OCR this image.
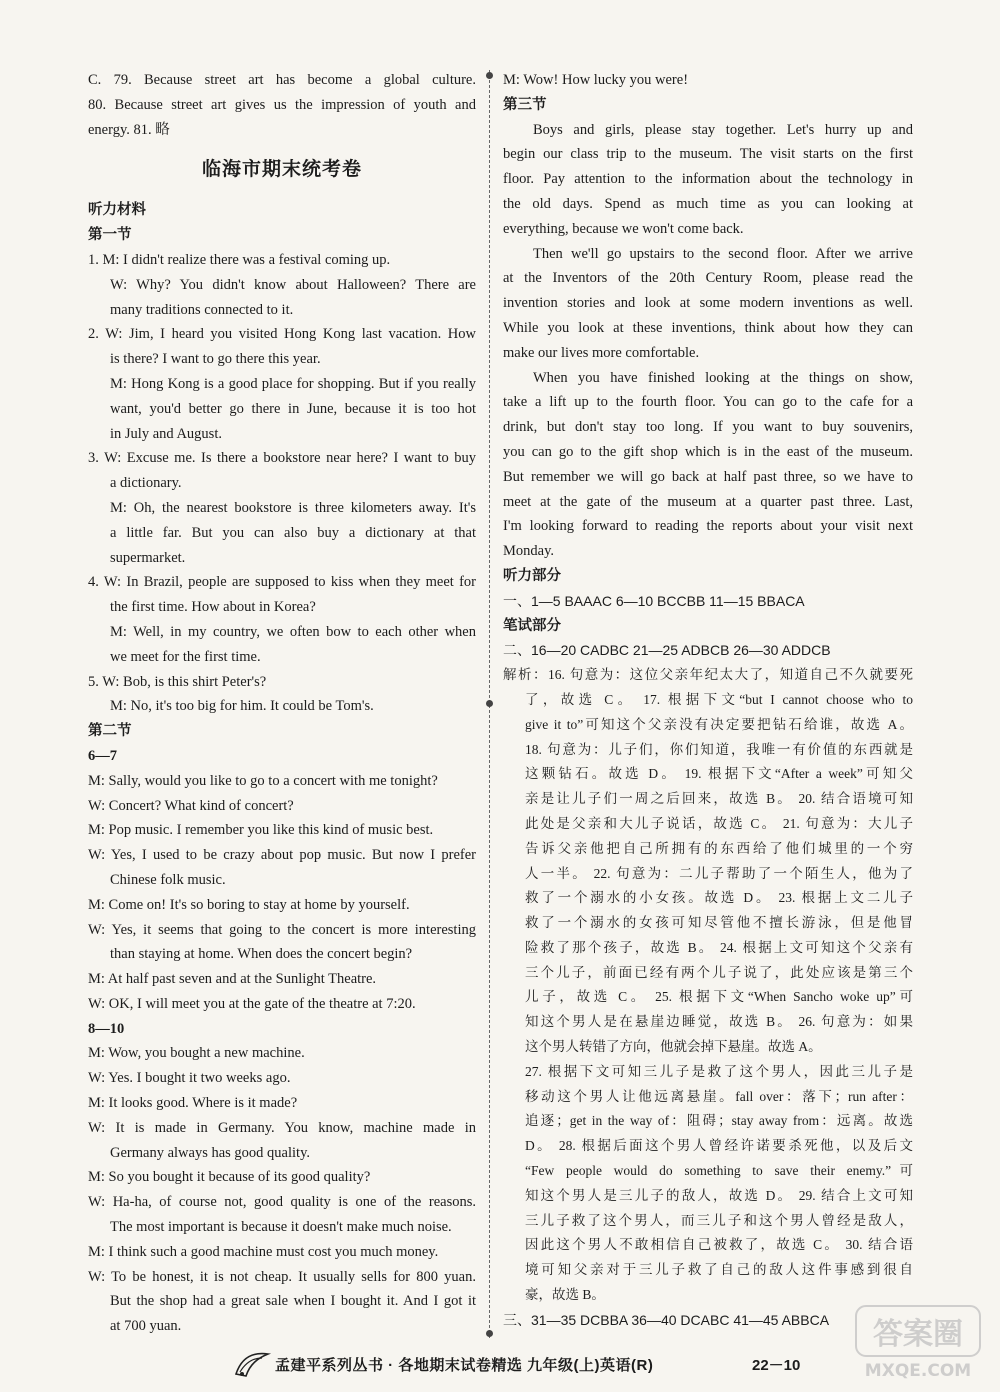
C. 79. Because street art has become a global culture.
80. Because street art gives us the impression of youth and
energy. 81. 略
临海市期末统考卷
听力材料
第一节
1. M: I didn't realize there was a festival coming up.
W: Why? You didn't know about Halloween? There are
many traditions connected to it.
2. W: Jim, I heard you visited Hong Kong last vacation. How
is there? I want to go there this year.
M: Hong Kong is a good place for shopping. But if you really
want, you'd better go there in June, because it is too hot
in July and August.
3. W: Excuse me. Is there a bookstore near here? I want to buy
a dictionary.
M: Oh, the nearest bookstore is three kilometers away. It's
a little far. But you can also buy a dictionary at that
supermarket.
4. W: In Brazil, people are supposed to kiss when they meet for
the first time. How about in Korea?
M: Well, in my country, we often bow to each other when
we meet for the first time.
5. W: Bob, is this shirt Peter's?
M: No, it's too big for him. It could be Tom's.
第二节
6—7
M: Sally, would you like to go to a concert with me tonight?
W: Concert? What kind of concert?
M: Pop music. I remember you like this kind of music best.
W: Yes, I used to be crazy about pop music. But now I prefer
Chinese folk music.
M: Come on! It's so boring to stay at home by yourself.
W: Yes, it seems that going to the concert is more interesting
than staying at home. When does the concert begin?
M: At half past seven and at the Sunlight Theatre.
W: OK, I will meet you at the gate of the theatre at 7:20.
8—10
M: Wow, you bought a new machine.
W: Yes. I bought it two weeks ago.
M: It looks good. Where is it made?
W: It is made in Germany. You know, machine made in
Germany always has good quality.
M: So you bought it because of its good quality?
W: Ha-ha, of course not, good quality is one of the reasons.
The most important is because it doesn't make much noise.
M: I think such a good machine must cost you much money.
W: To be honest, it is not cheap. It usually sells for 800 yuan.
But the shop had a great sale when I bought it. And I got it
at 700 yuan.
M: Wow! How lucky you were!
第三节
Boys and girls, please stay together. Let's hurry up and
begin our class trip to the museum. The visit starts on the first
floor. Pay attention to the information about the technology in
the old days. Spend as much time as you can looking at
everything, because we won't come back.
Then we'll go upstairs to the second floor. After we arrive
at the Inventors of the 20th Century Room, please read the
invention stories and look at some modern inventions as well.
While you look at these inventions, think about how they can
make our lives more comfortable.
When you have finished looking at the things on show,
take a lift up to the fourth floor. You can go to the cafe for a
drink, but don't stay too long. If you want to buy souvenirs,
you can go to the gift shop which is in the east of the museum.
But remember we will go back at half past three, so we have to
meet at the gate of the museum at a quarter past three. Last,
I'm looking forward to reading the reports about your visit next
Monday.
听力部分
一、1—5 BAAAC 6—10 BCCBB 11—15 BBACA
笔试部分
二、16—20 CADBC 21—25 ADBCB 26—30 ADDCB
解析：16. 句意为：这位父亲年纪太大了，知道自己不久就要死
了，故选 C。 17. 根据下文“but I cannot choose who to
give it to”可知这个父亲没有决定要把钻石给谁，故选 A。
18. 句意为：儿子们，你们知道，我唯一有价值的东西就是
这颗钻石。故选 D。 19. 根据下文“After a week”可知父
亲是让儿子们一周之后回来，故选 B。 20. 结合语境可知
此处是父亲和大儿子说话，故选 C。 21. 句意为：大儿子
告诉父亲他把自己所拥有的东西给了他们城里的一个穷
人一半。 22. 句意为：二儿子帮助了一个陌生人，他为了
救了一个溺水的小女孩。故选 D。 23. 根据上文二儿子
救了一个溺水的女孩可知尽管他不擅长游泳，但是他冒
险救了那个孩子，故选 B。 24. 根据上文可知这个父亲有
三个儿子，前面已经有两个儿子说了，此处应该是第三个
儿子，故选 C。 25. 根据下文“When Sancho woke up”可
知这个男人是在悬崖边睡觉，故选 B。 26. 句意为：如果
这个男人转错了方向，他就会掉下悬崖。故选 A。
27. 根据下文可知三儿子是救了这个男人，因此三儿子是
移动这个男人让他远离悬崖。fall over：落下；run after：
追逐；get in the way of：阻碍；stay away from：远离。故选
D。 28. 根据后面这个男人曾经许诺要杀死他，以及后文
“Few people would do something to save their enemy.”可
知这个男人是三儿子的敌人，故选 D。 29. 结合上文可知
三儿子救了这个男人，而三儿子和这个男人曾经是敌人，
因此这个男人不敢相信自己被救了，故选 C。 30. 结合语
境可知父亲对于三儿子救了自己的敌人这件事感到很自
豪，故选 B。
三、31—35 DCBBA 36—40 DCABC 41—45 ABBCA
孟建平系列丛书 · 各地期末试卷精选 九年级(上)英语(R)	22－10
答案圈
MXQE.COM
